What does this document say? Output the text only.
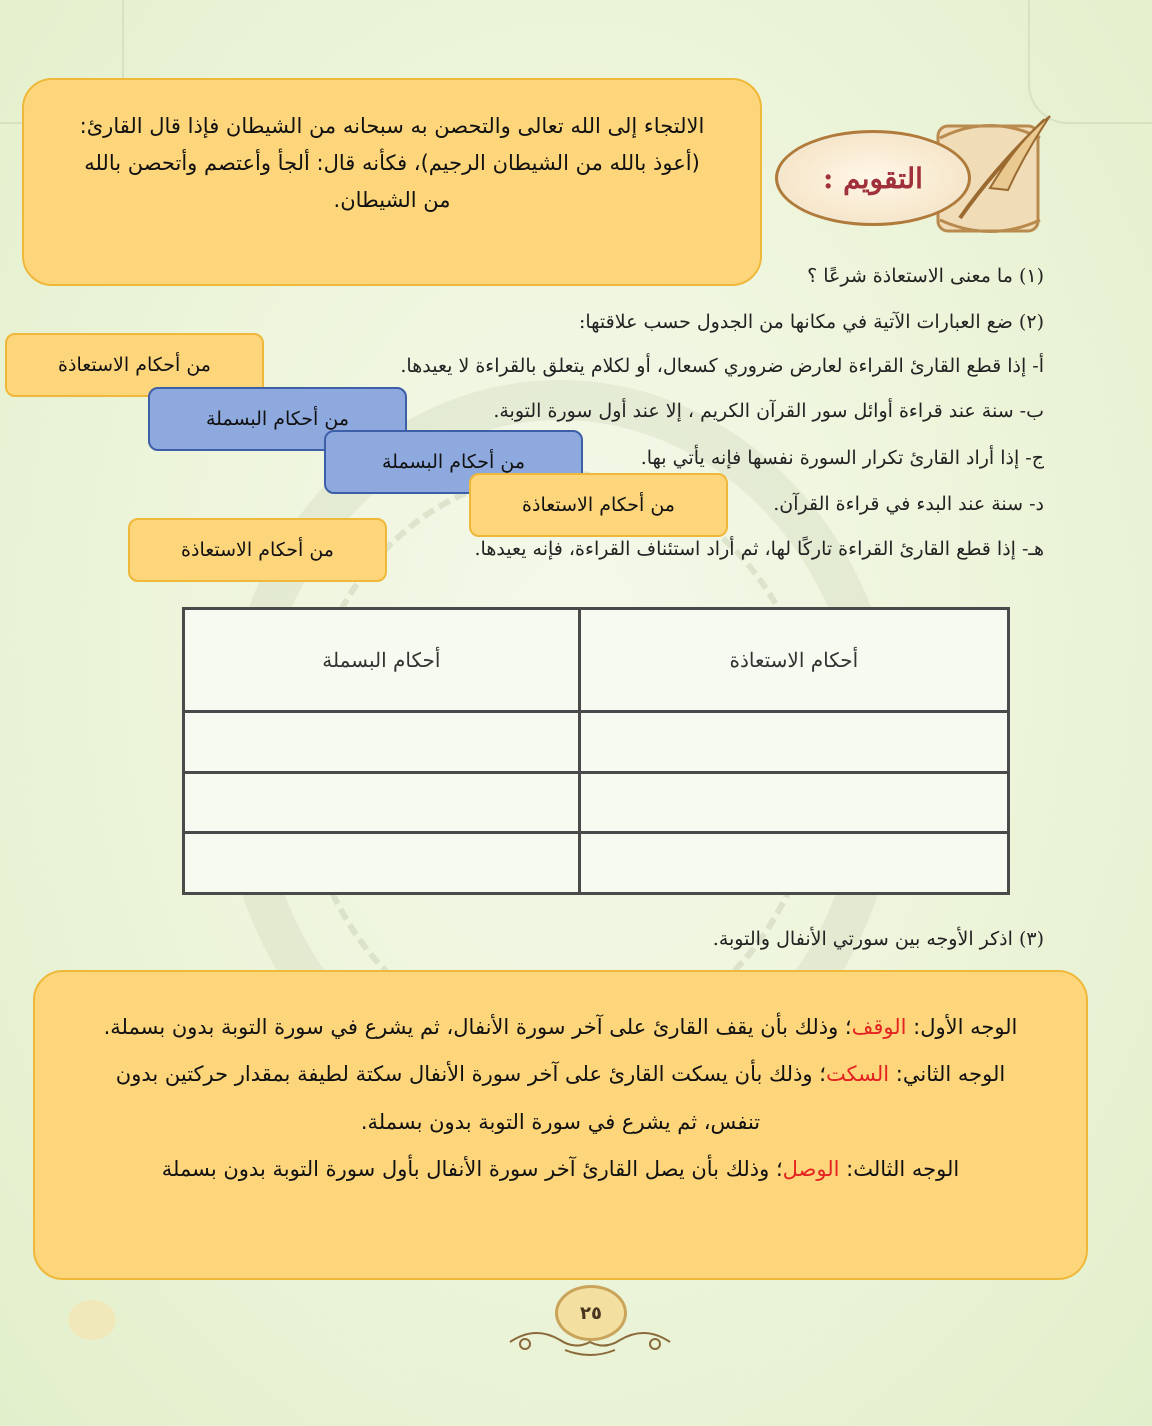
التقويم :
الالتجاء إلى الله تعالى والتحصن به سبحانه من الشيطان فإذا قال القارئ: (أعوذ بالله من الشيطان الرجيم)، فكأنه قال: ألجأ وأعتصم وأتحصن بالله من الشيطان.
(١) ما معنى الاستعاذة شرعًا ؟
(٢) ضع العبارات الآتية في مكانها من الجدول حسب علاقتها:
أ- إذا قطع القارئ القراءة لعارض ضروري كسعال، أو لكلام يتعلق بالقراءة لا يعيدها.
ب- سنة عند قراءة أوائل سور القرآن الكريم ، إلا عند أول سورة التوبة.
ج- إذا أراد القارئ تكرار السورة نفسها فإنه يأتي بها.
د- سنة عند البدء في قراءة القرآن.
هـ- إذا قطع القارئ القراءة تاركًا لها، ثم أراد استئناف القراءة، فإنه يعيدها.
من أحكام الاستعاذة
من أحكام البسملة
من أحكام البسملة
من أحكام الاستعاذة
من أحكام الاستعاذة
أحكام الاستعاذة	أحكام البسملة

(٣) اذكر الأوجه بين سورتي الأنفال والتوبة.
الوجه الأول: الوقف؛ وذلك بأن يقف القارئ على آخر سورة الأنفال، ثم يشرع في سورة التوبة بدون بسملة.
الوجه الثاني: السكت؛ وذلك بأن يسكت القارئ على آخر سورة الأنفال سكتة لطيفة بمقدار حركتين بدون تنفس، ثم يشرع في سورة التوبة بدون بسملة.
الوجه الثالث: الوصل؛ وذلك بأن يصل القارئ آخر سورة الأنفال بأول سورة التوبة بدون بسملة
٢٥
